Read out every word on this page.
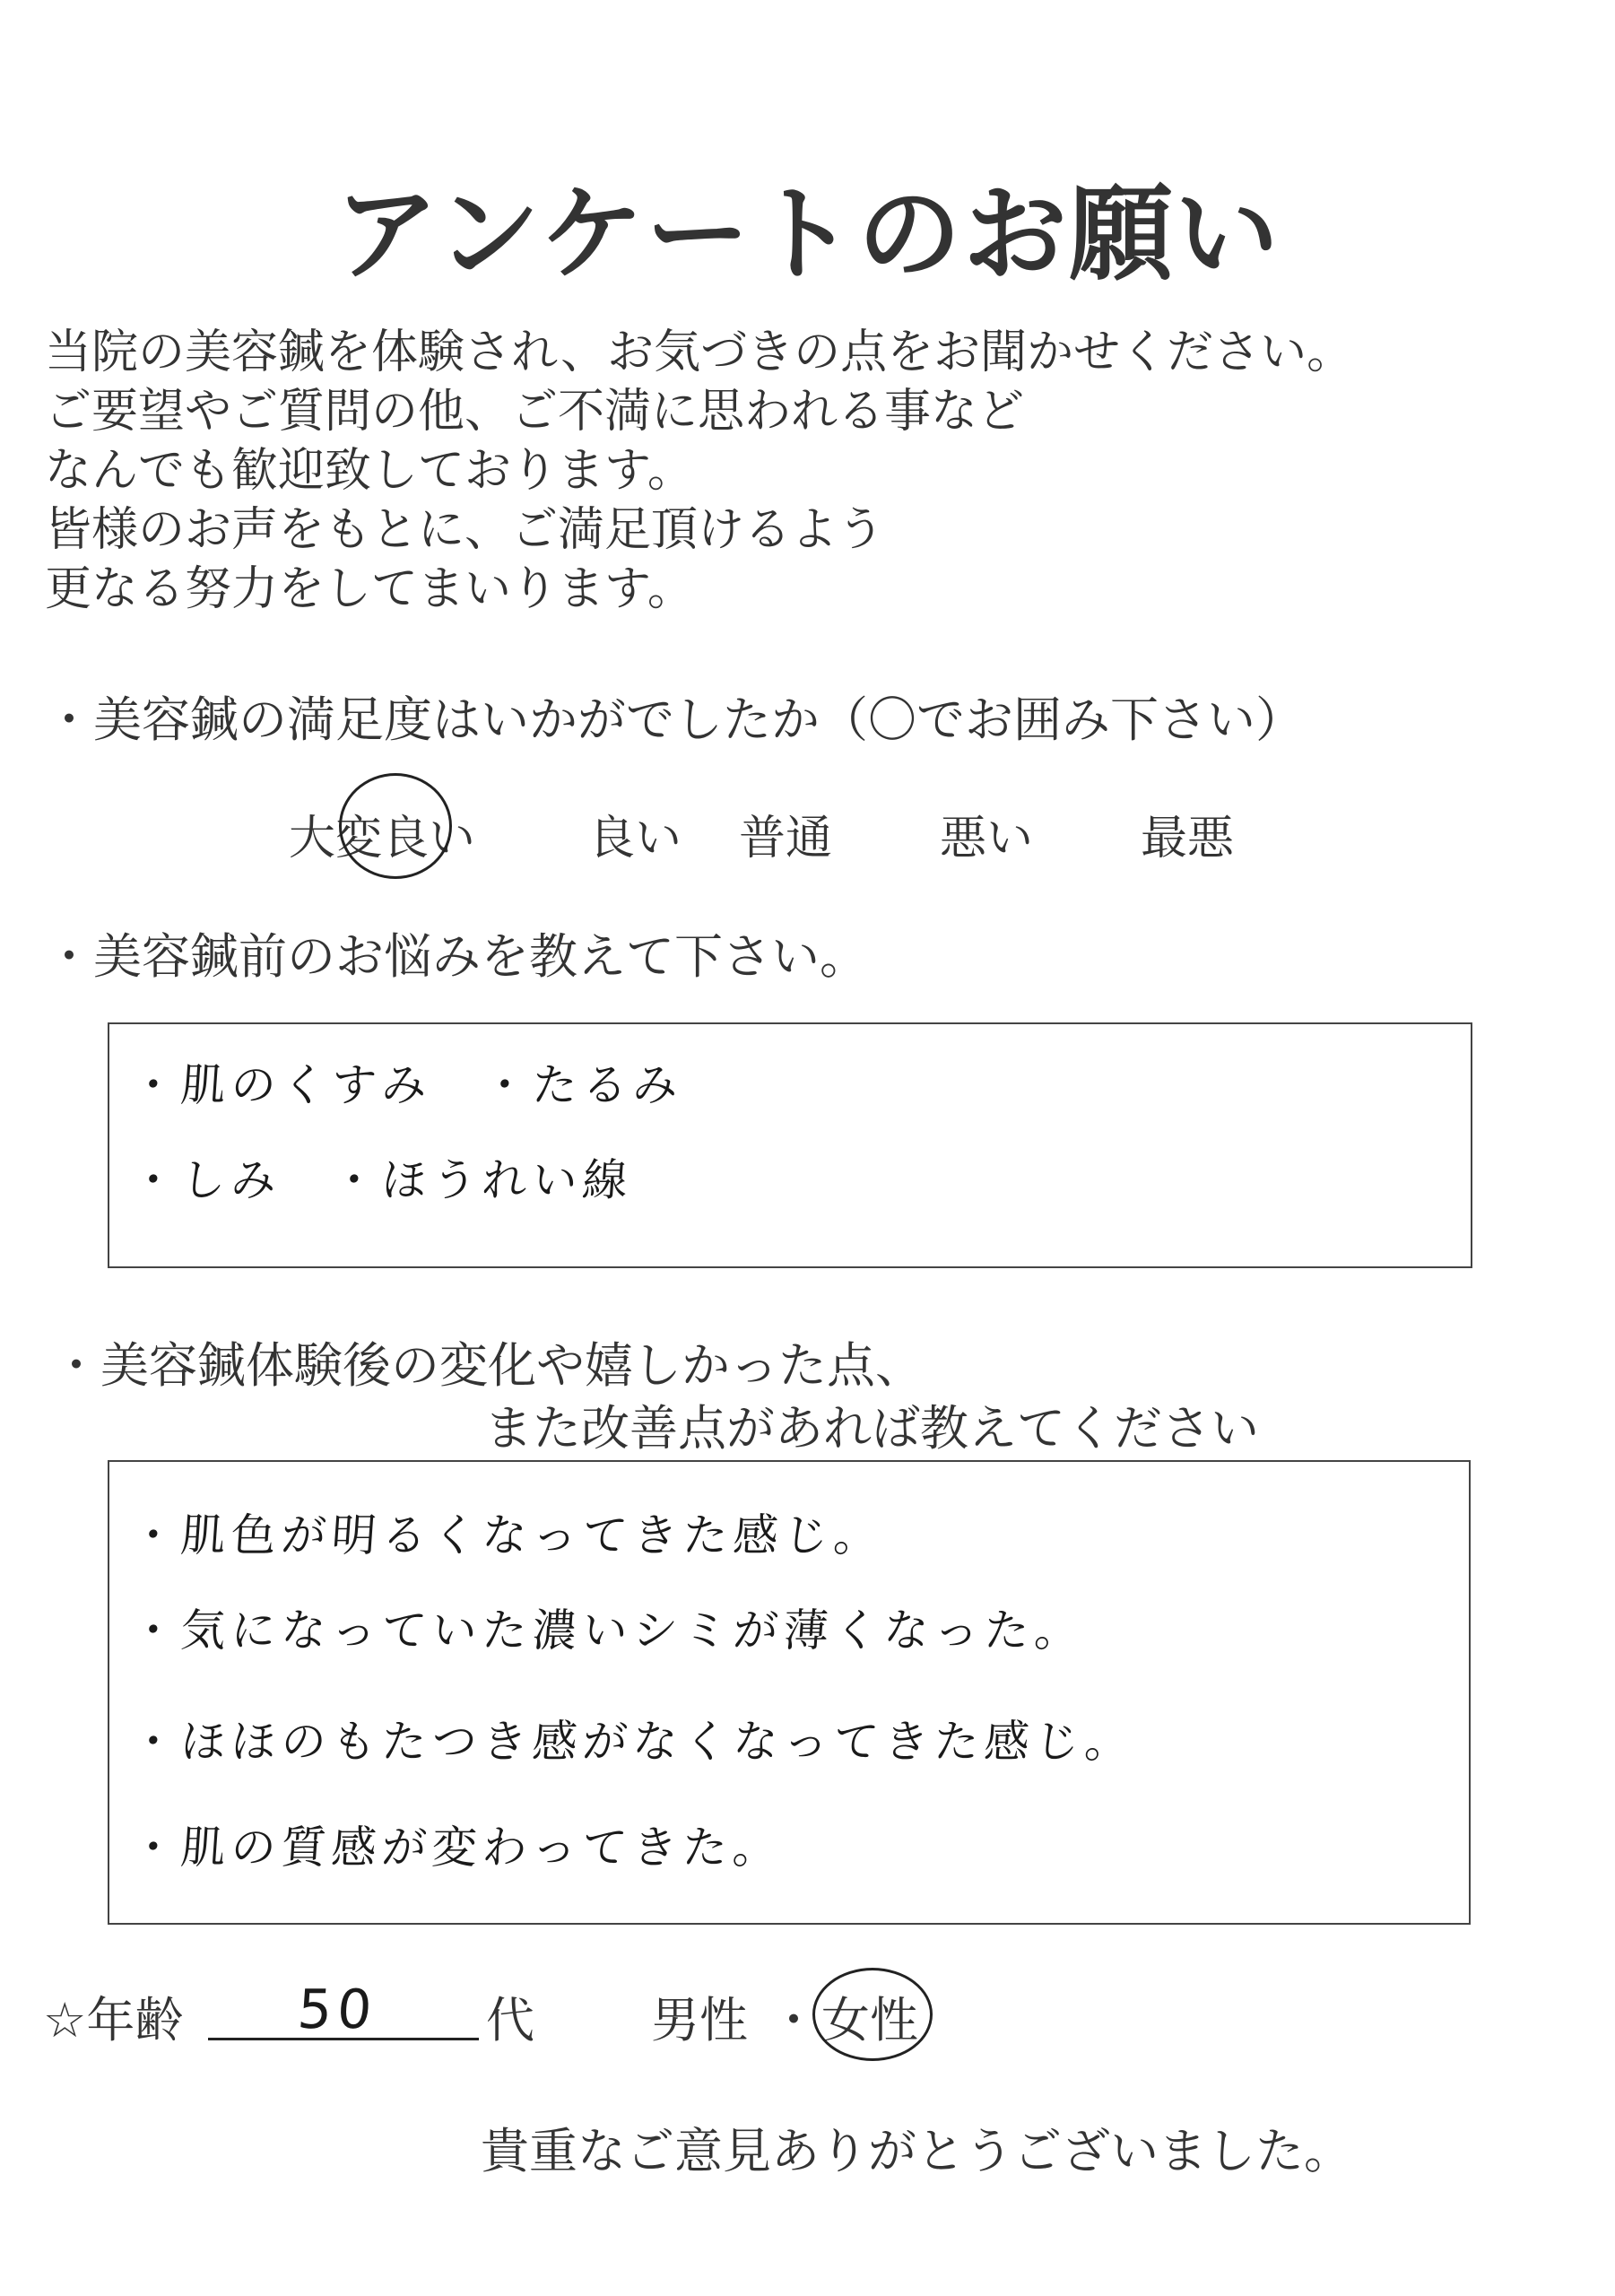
アンケートのお願い
当院の美容鍼を体験され、お気づきの点をお聞かせください。
ご要望やご質問の他、ご不満に思われる事など
なんでも歓迎致しております。
皆様のお声をもとに、ご満足頂けるよう
更なる努力をしてまいります。
・美容鍼の満足度はいかがでしたか（〇でお囲み下さい）
大変良い 良い 普通 悪い 最悪
・美容鍼前のお悩みを教えて下さい。
・肌のくすみ　・たるみ
・しみ　・ほうれい線
・美容鍼体験後の変化や嬉しかった点、
また改善点があれば教えてください
・肌色が明るくなってきた感じ。
・気になっていた濃いシミが薄くなった。
・ほほのもたつき感がなくなってきた感じ。
・肌の質感が変わってきた。
☆年齢 50 代 男性 ・ 女性
貴重なご意見ありがとうございました。
